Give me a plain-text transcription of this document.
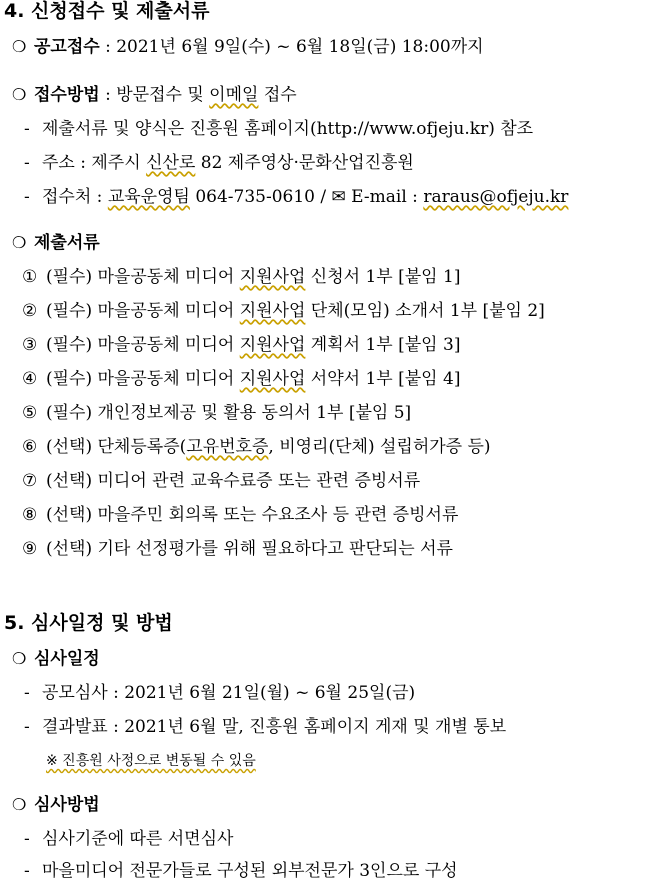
4. 신청접수 및 제출서류
❍ 공고접수 : 2021년 6월 9일(수) ~ 6월 18일(금) 18:00까지
❍ 접수방법 : 방문접수 및 이메일 접수
- 제출서류 및 양식은 진흥원 홈페이지(http://www.ofjeju.kr) 참조
- 주소 : 제주시 신산로 82 제주영상·문화산업진흥원
- 접수처 : 교육운영팀 064-735-0610 / ✉ E-mail : raraus@ofjeju.kr
❍ 제출서류
① (필수) 마을공동체 미디어 지원사업 신청서 1부 [붙임 1]
② (필수) 마을공동체 미디어 지원사업 단체(모임) 소개서 1부 [붙임 2]
③ (필수) 마을공동체 미디어 지원사업 계획서 1부 [붙임 3]
④ (필수) 마을공동체 미디어 지원사업 서약서 1부 [붙임 4]
⑤ (필수) 개인정보제공 및 활용 동의서 1부 [붙임 5]
⑥ (선택) 단체등록증(고유번호증, 비영리(단체) 설립허가증 등)
⑦ (선택) 미디어 관련 교육수료증 또는 관련 증빙서류
⑧ (선택) 마을주민 회의록 또는 수요조사 등 관련 증빙서류
⑨ (선택) 기타 선정평가를 위해 필요하다고 판단되는 서류
5. 심사일정 및 방법
❍ 심사일정
- 공모심사 : 2021년 6월 21일(월) ~ 6월 25일(금)
- 결과발표 : 2021년 6월 말, 진흥원 홈페이지 게재 및 개별 통보
※ 진흥원 사정으로 변동될 수 있음
❍ 심사방법
- 심사기준에 따른 서면심사
- 마을미디어 전문가들로 구성된 외부전문가 3인으로 구성
